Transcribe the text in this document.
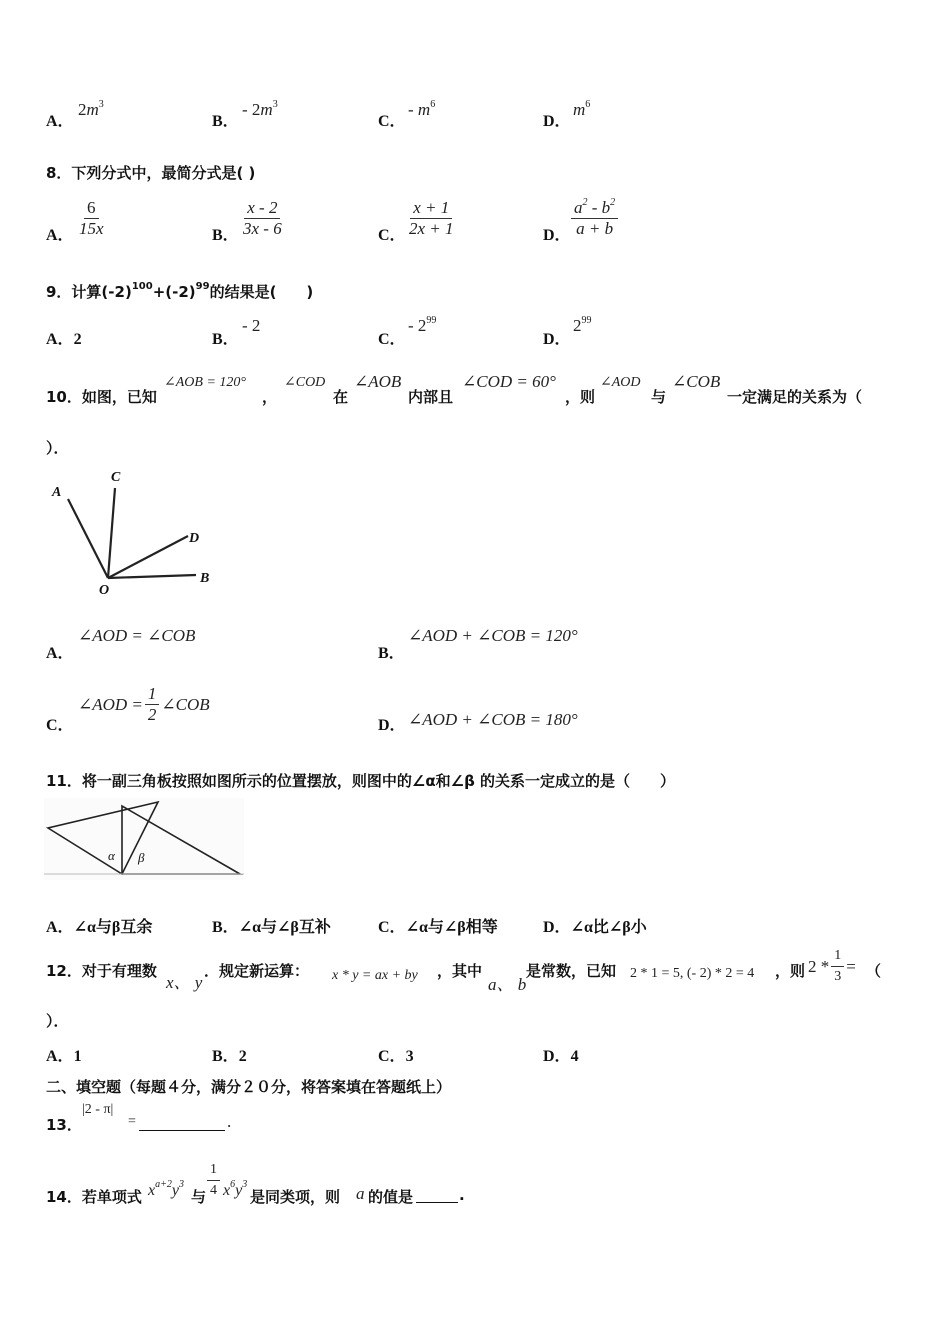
A．
$2m^3$
B．
- $2m^3$
C．
- $m^6$
D．
$m^6$
8．下列分式中，最简分式是( )
A． $\frac{6}{15x}$	B． $\frac{x - 2}{3x - 6}$	C． $\frac{x + 1}{2x + 1}$	D． $\frac{a^2 - b^2}{a + b}$
9．计算$(-2)^{100}+(-2)^{99}$的结果是(　　)
A．2	B．
- 2
C．
- $2^{99}$
D．
$2^{99}$
10．如图，已知
∠AOB = 120°
，
∠COD
在
∠AOB
内部且
∠COD = 60°
，则
∠AOD
与
∠COB
一定满足的关系为（
）．
A
C
D
O
B
A．
∠AOD = ∠COB
B．
∠AOD + ∠COB = 120°
C．
∠AOD = $\frac{1}{2}$ ∠COB
D． ∠AOD + ∠COB = 180°
11．将一副三角板按照如图所示的位置摆放，则图中的∠α和∠β 的关系一定成立的是（　　）
α β
A．∠α与β互余	B．∠α与∠β互补	C．∠α与∠β相等	D．∠α比∠β小
12．对于有理数
x、 y
．规定新运算： x * y = ax + by ，其中
a、 b
是常数，已知 2 * 1 = 5, (- 2) * 2 = 4 ，则 $2 * \frac{1}{3}$ = （
）．
A．1	B．2	C．3	D．4
二、填空题（每题４分，满分２０分，将答案填在答题纸上）
13．
|2 - π|
=	.
14．若单项式 $x^{a+2}y^3$
与 $\frac{1}{4} x^6y^3$
是同类项，则 a 的值是	.
